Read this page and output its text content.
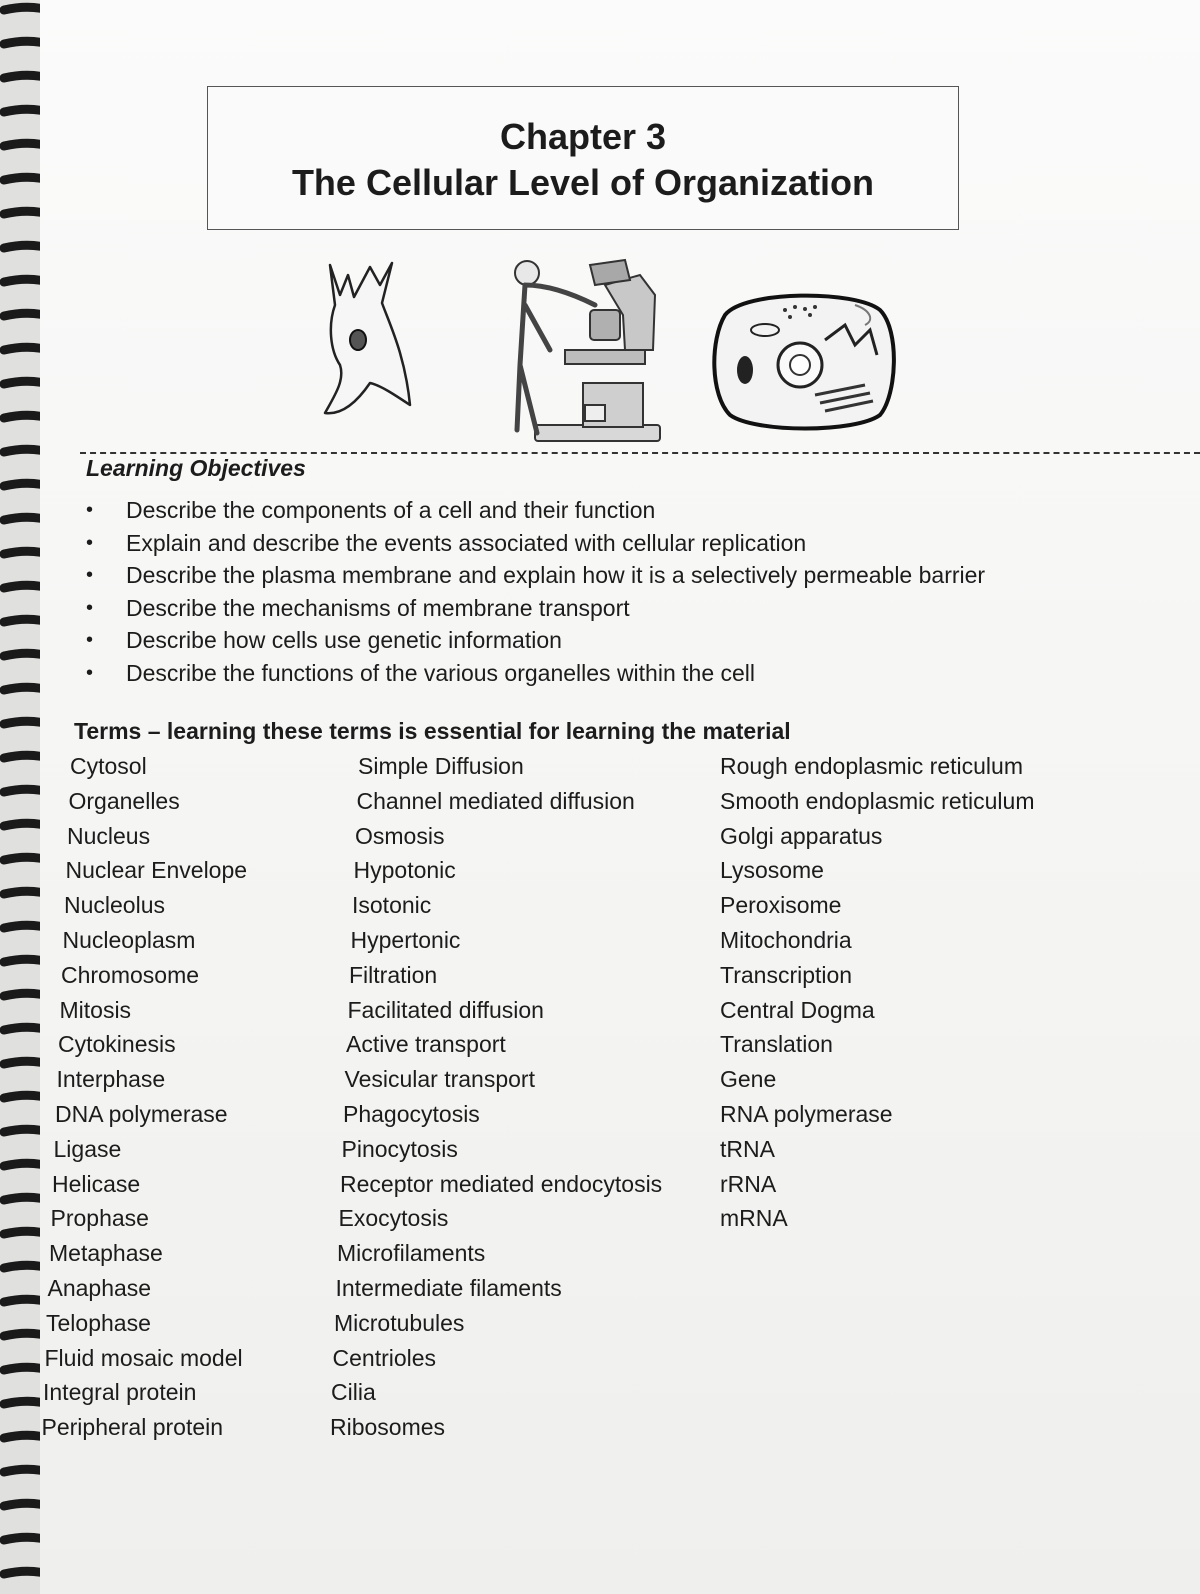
Chapter 3
The Cellular Level of Organization
Learning Objectives
• Describe the components of a cell and their function
• Explain and describe the events associated with cellular replication
• Describe the plasma membrane and explain how it is a selectively permeable barrier
• Describe the mechanisms of membrane transport
• Describe how cells use genetic information
• Describe the functions of the various organelles within the cell
Terms – learning these terms is essential for learning the material
Cytosol
Organelles
Nucleus
Nuclear Envelope
Nucleolus
Nucleoplasm
Chromosome
Mitosis
Cytokinesis
Interphase
DNA polymerase
Ligase
Helicase
Prophase
Metaphase
Anaphase
Telophase
Fluid mosaic model
Integral protein
Peripheral protein
Simple Diffusion
Channel mediated diffusion
Osmosis
Hypotonic
Isotonic
Hypertonic
Filtration
Facilitated diffusion
Active transport
Vesicular transport
Phagocytosis
Pinocytosis
Receptor mediated endocytosis
Exocytosis
Microfilaments
Intermediate filaments
Microtubules
Centrioles
Cilia
Ribosomes
Rough endoplasmic reticulum
Smooth endoplasmic reticulum
Golgi apparatus
Lysosome
Peroxisome
Mitochondria
Transcription
Central Dogma
Translation
Gene
RNA polymerase
tRNA
rRNA
mRNA
